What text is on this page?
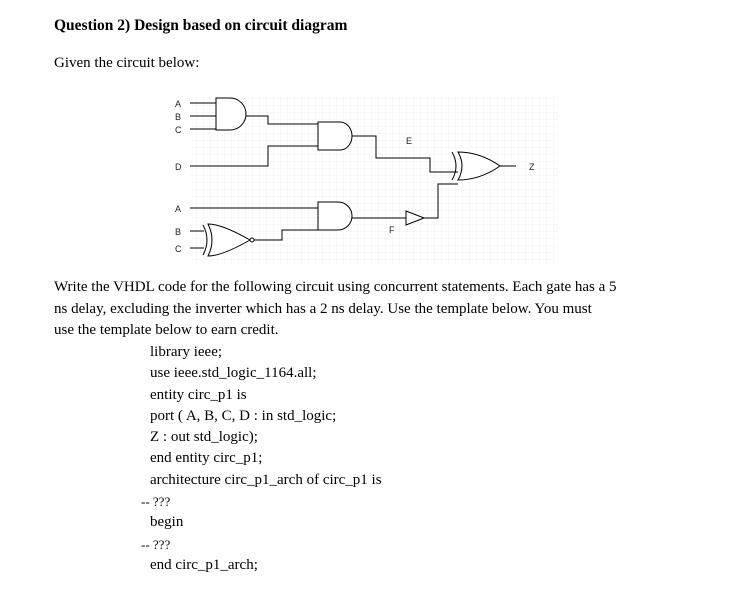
Question 2) Design based on circuit diagram
Given the circuit below:
A
B
C
D
A
B
C
E
F
Z
Write the VHDL code for the following circuit using concurrent statements. Each gate has a 5
ns delay, excluding the inverter which has a 2 ns delay. Use the template below. You must
use the template below to earn credit.
library ieee;
use ieee.std_logic_1164.all;
entity circ_p1 is
port ( A, B, C, D : in std_logic;
Z : out std_logic);
end entity circ_p1;
architecture circ_p1_arch of circ_p1 is
-- ???
begin
-- ???
end circ_p1_arch;
